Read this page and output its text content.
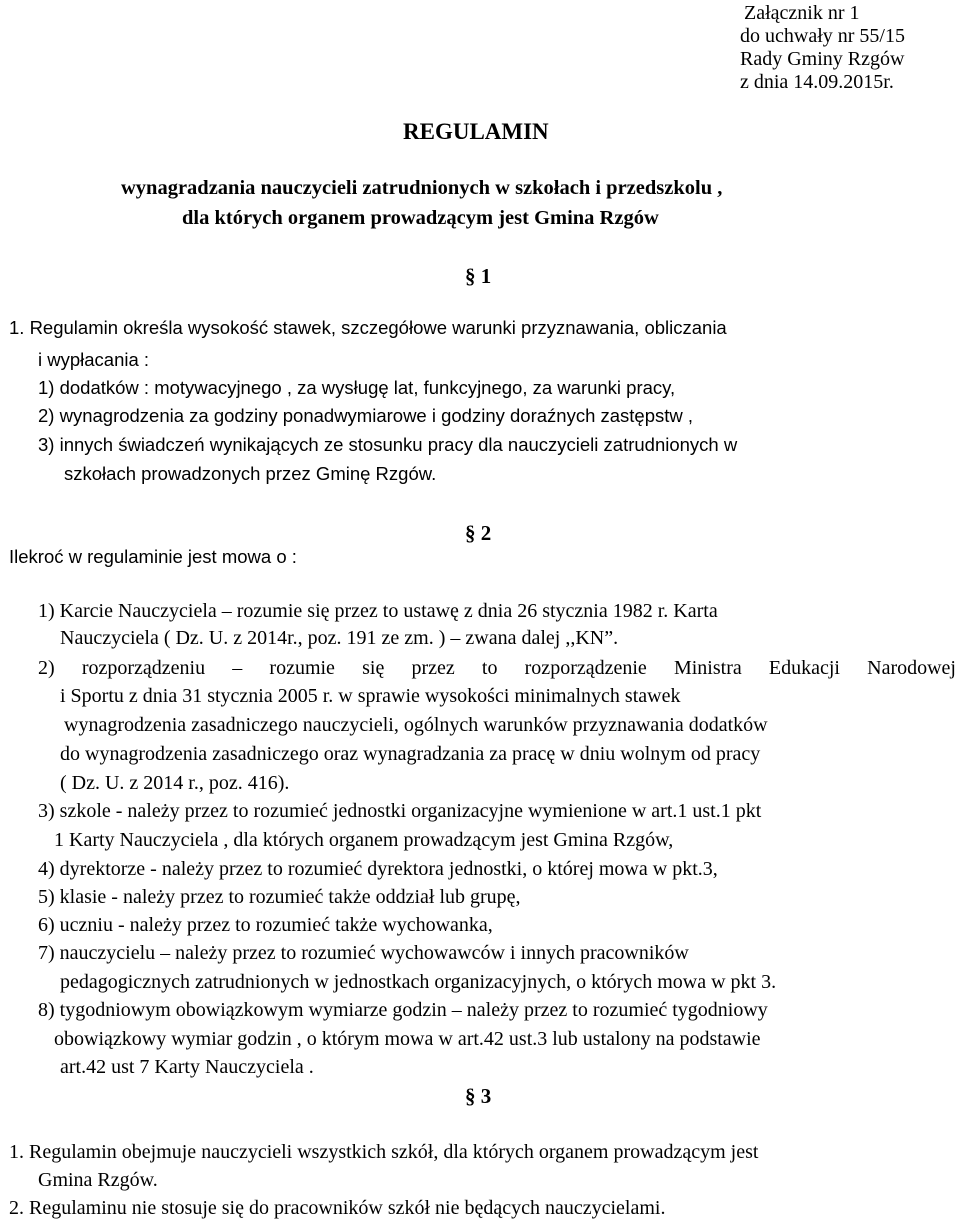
Załącznik nr 1
do uchwały nr 55/15
Rady Gminy Rzgów
z dnia 14.09.2015r.
REGULAMIN
wynagradzania nauczycieli zatrudnionych w szkołach i przedszkolu ,
dla których organem prowadzącym jest Gmina Rzgów
§ 1
1. Regulamin określa wysokość stawek, szczegółowe warunki przyznawania, obliczania
i wypłacania :
1) dodatków : motywacyjnego , za wysługę lat, funkcyjnego, za warunki pracy,
2) wynagrodzenia za godziny ponadwymiarowe i godziny doraźnych zastępstw ,
3) innych świadczeń wynikających ze stosunku pracy dla nauczycieli zatrudnionych w
szkołach prowadzonych przez Gminę Rzgów.
§ 2
Ilekroć w regulaminie jest mowa o :
1) Karcie Nauczyciela – rozumie się przez to ustawę z dnia 26 stycznia 1982 r. Karta
Nauczyciela ( Dz. U. z 2014r., poz. 191 ze zm. ) – zwana dalej ,,KN”.
2) rozporządzeniu – rozumie się przez to rozporządzenie Ministra Edukacji Narodowej
i Sportu z dnia 31 stycznia 2005 r. w sprawie wysokości minimalnych stawek
wynagrodzenia zasadniczego nauczycieli, ogólnych warunków przyznawania dodatków
do wynagrodzenia zasadniczego oraz wynagradzania za pracę w dniu wolnym od pracy
( Dz. U. z 2014 r., poz. 416).
3) szkole - należy przez to rozumieć jednostki organizacyjne wymienione w art.1 ust.1 pkt
1 Karty Nauczyciela , dla których organem prowadzącym jest Gmina Rzgów,
4) dyrektorze - należy przez to rozumieć dyrektora jednostki, o której mowa w pkt.3,
5) klasie - należy przez to rozumieć także oddział lub grupę,
6) uczniu - należy przez to rozumieć także wychowanka,
7) nauczycielu – należy przez to rozumieć wychowawców i innych pracowników
pedagogicznych zatrudnionych w jednostkach organizacyjnych, o których mowa w pkt 3.
8) tygodniowym obowiązkowym wymiarze godzin – należy przez to rozumieć tygodniowy
obowiązkowy wymiar godzin , o którym mowa w art.42 ust.3 lub ustalony na podstawie
art.42 ust 7 Karty Nauczyciela .
§ 3
1. Regulamin obejmuje nauczycieli wszystkich szkół, dla których organem prowadzącym jest
Gmina Rzgów.
2. Regulaminu nie stosuje się do pracowników szkół nie będących nauczycielami.
